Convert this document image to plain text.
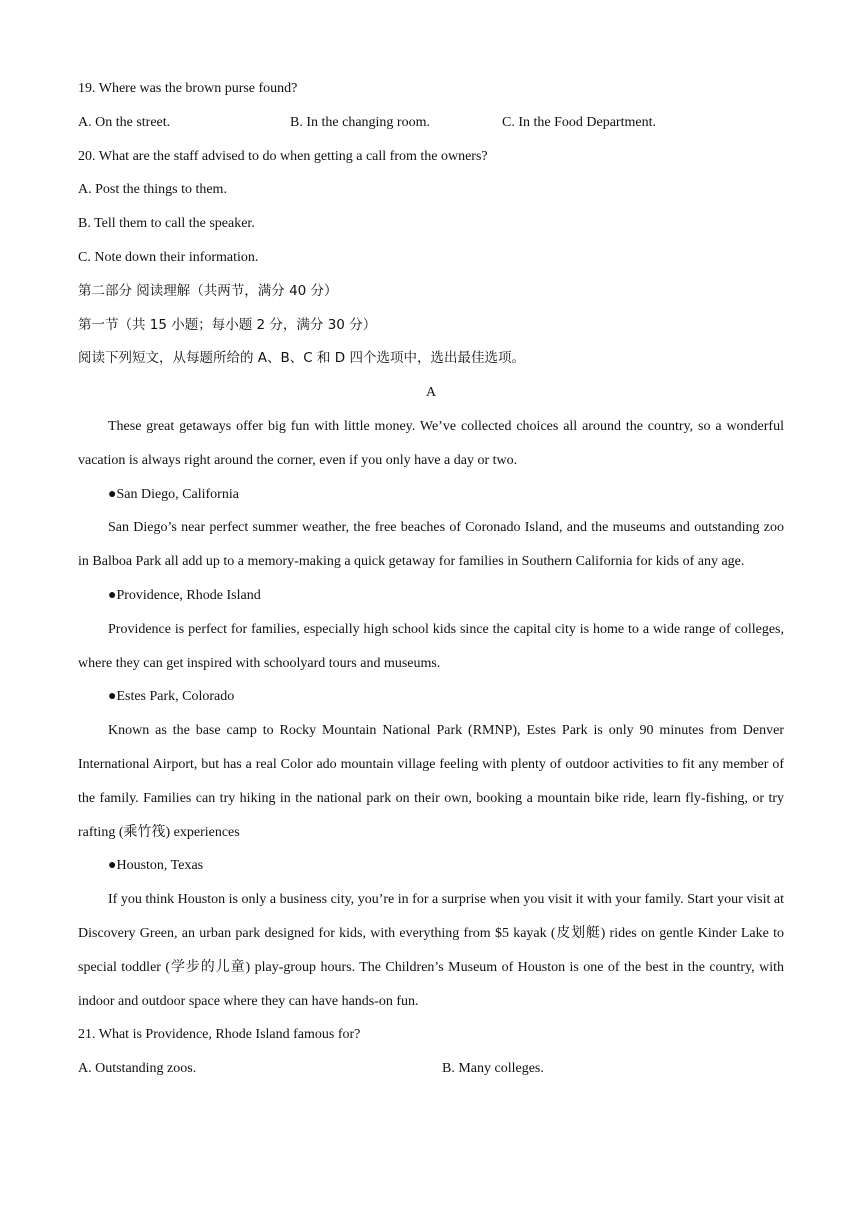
19. Where was the brown purse found?
A. On the street.	B. In the changing room.	C. In the Food Department.
20. What are the staff advised to do when getting a call from the owners?
A. Post the things to them.
B. Tell them to call the speaker.
C. Note down their information.
第二部分 阅读理解（共两节，满分 40 分）
第一节（共 15 小题；每小题 2 分，满分 30 分）
阅读下列短文，从每题所给的 A、B、C 和 D 四个选项中，选出最佳选项。
A
These great getaways offer big fun with little money. We’ve collected choices all around the country, so a wonderful vacation is always right around the corner, even if you only have a day or two.
●San Diego, California
San Diego’s near perfect summer weather, the free beaches of Coronado Island, and the museums and outstanding zoo in Balboa Park all add up to a memory-making a quick getaway for families in Southern California for kids of any age.
●Providence, Rhode Island
Providence is perfect for families, especially high school kids since the capital city is home to a wide range of colleges, where they can get inspired with schoolyard tours and museums.
●Estes Park, Colorado
Known as the base camp to Rocky Mountain National Park (RMNP), Estes Park is only 90 minutes from Denver International Airport, but has a real Color ado mountain village feeling with plenty of outdoor activities to fit any member of the family. Families can try hiking in the national park on their own, booking a mountain bike ride, learn fly-fishing, or try rafting (乘竹筏) experiences
●Houston, Texas
If you think Houston is only a business city, you’re in for a surprise when you visit it with your family. Start your visit at Discovery Green, an urban park designed for kids, with everything from $5 kayak (皮划艇) rides on gentle Kinder Lake to special toddler (学步的儿童) play-group hours. The Children’s Museum of Houston is one of the best in the country, with indoor and outdoor space where they can have hands-on fun.
21. What is Providence, Rhode Island famous for?
A. Outstanding zoos.	B. Many colleges.
